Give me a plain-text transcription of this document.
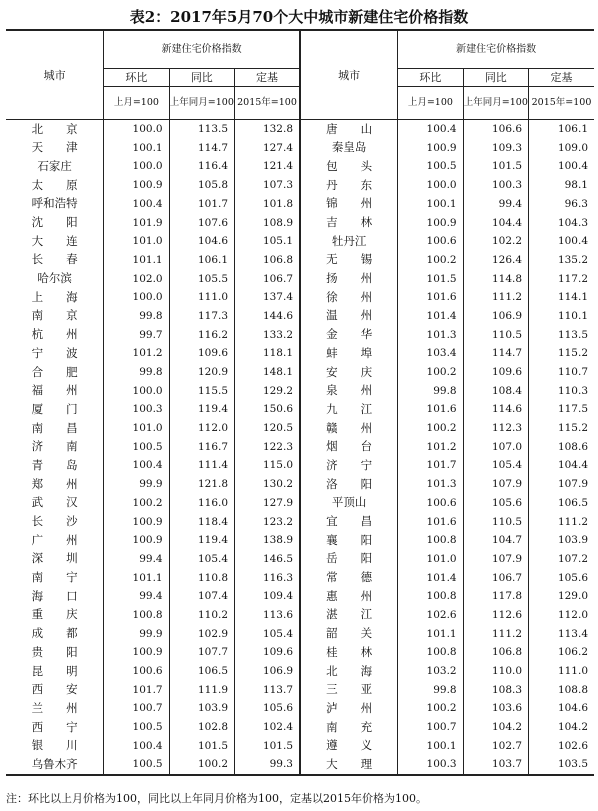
表2：2017年5月70个大中城市新建住宅价格指数
城市	新建住宅价格指数			城市	新建住宅价格指数		
	环比	同比	定基		环比	同比	定基
	上月=100	上年同月=100	2015年=100		上月=100	上年同月=100	2015年=100
北　　京	100.0	113.5	132.8	唐　　山	100.4	106.6	106.1
天　　津	100.1	114.7	127.4	秦皇岛	100.9	109.3	109.0
石家庄	100.0	116.4	121.4	包　　头	100.5	101.5	100.4
太　　原	100.9	105.8	107.3	丹　　东	100.0	100.3	98.1
呼和浩特	100.4	101.7	101.8	锦　　州	100.1	99.4	96.3
沈　　阳	101.9	107.6	108.9	吉　　林	100.9	104.4	104.3
大　　连	101.0	104.6	105.1	牡丹江	100.6	102.2	100.4
长　　春	101.1	106.1	106.8	无　　锡	100.2	126.4	135.2
哈尔滨	102.0	105.5	106.7	扬　　州	101.5	114.8	117.2
上　　海	100.0	111.0	137.4	徐　　州	101.6	111.2	114.1
南　　京	99.8	117.3	144.6	温　　州	101.4	106.9	110.1
杭　　州	99.7	116.2	133.2	金　　华	101.3	110.5	113.5
宁　　波	101.2	109.6	118.1	蚌　　埠	103.4	114.7	115.2
合　　肥	99.8	120.9	148.1	安　　庆	100.2	109.6	110.7
福　　州	100.0	115.5	129.2	泉　　州	99.8	108.4	110.3
厦　　门	100.3	119.4	150.6	九　　江	101.6	114.6	117.5
南　　昌	101.0	112.0	120.5	赣　　州	100.2	112.3	115.2
济　　南	100.5	116.7	122.3	烟　　台	101.2	107.0	108.6
青　　岛	100.4	111.4	115.0	济　　宁	101.7	105.4	104.4
郑　　州	99.9	121.8	130.2	洛　　阳	101.3	107.9	107.9
武　　汉	100.2	116.0	127.9	平顶山	100.6	105.6	106.5
长　　沙	100.9	118.4	123.2	宜　　昌	101.6	110.5	111.2
广　　州	100.9	119.4	138.9	襄　　阳	100.8	104.7	103.9
深　　圳	99.4	105.4	146.5	岳　　阳	101.0	107.9	107.2
南　　宁	101.1	110.8	116.3	常　　德	101.4	106.7	105.6
海　　口	99.4	107.4	109.4	惠　　州	100.8	117.8	129.0
重　　庆	100.8	110.2	113.6	湛　　江	102.6	112.6	112.0
成　　都	99.9	102.9	105.4	韶　　关	101.1	111.2	113.4
贵　　阳	100.9	107.7	109.6	桂　　林	100.8	106.8	106.2
昆　　明	100.6	106.5	106.9	北　　海	103.2	110.0	111.0
西　　安	101.7	111.9	113.7	三　　亚	99.8	108.3	108.8
兰　　州	100.7	103.9	105.6	泸　　州	100.2	103.6	104.6
西　　宁	100.5	102.8	102.4	南　　充	100.7	104.2	104.2
银　　川	100.4	101.5	101.5	遵　　义	100.1	102.7	102.6
乌鲁木齐	100.5	100.2	99.3	大　　理	100.3	103.7	103.5
注：环比以上月价格为100，同比以上年同月价格为100，定基以2015年价格为100。
